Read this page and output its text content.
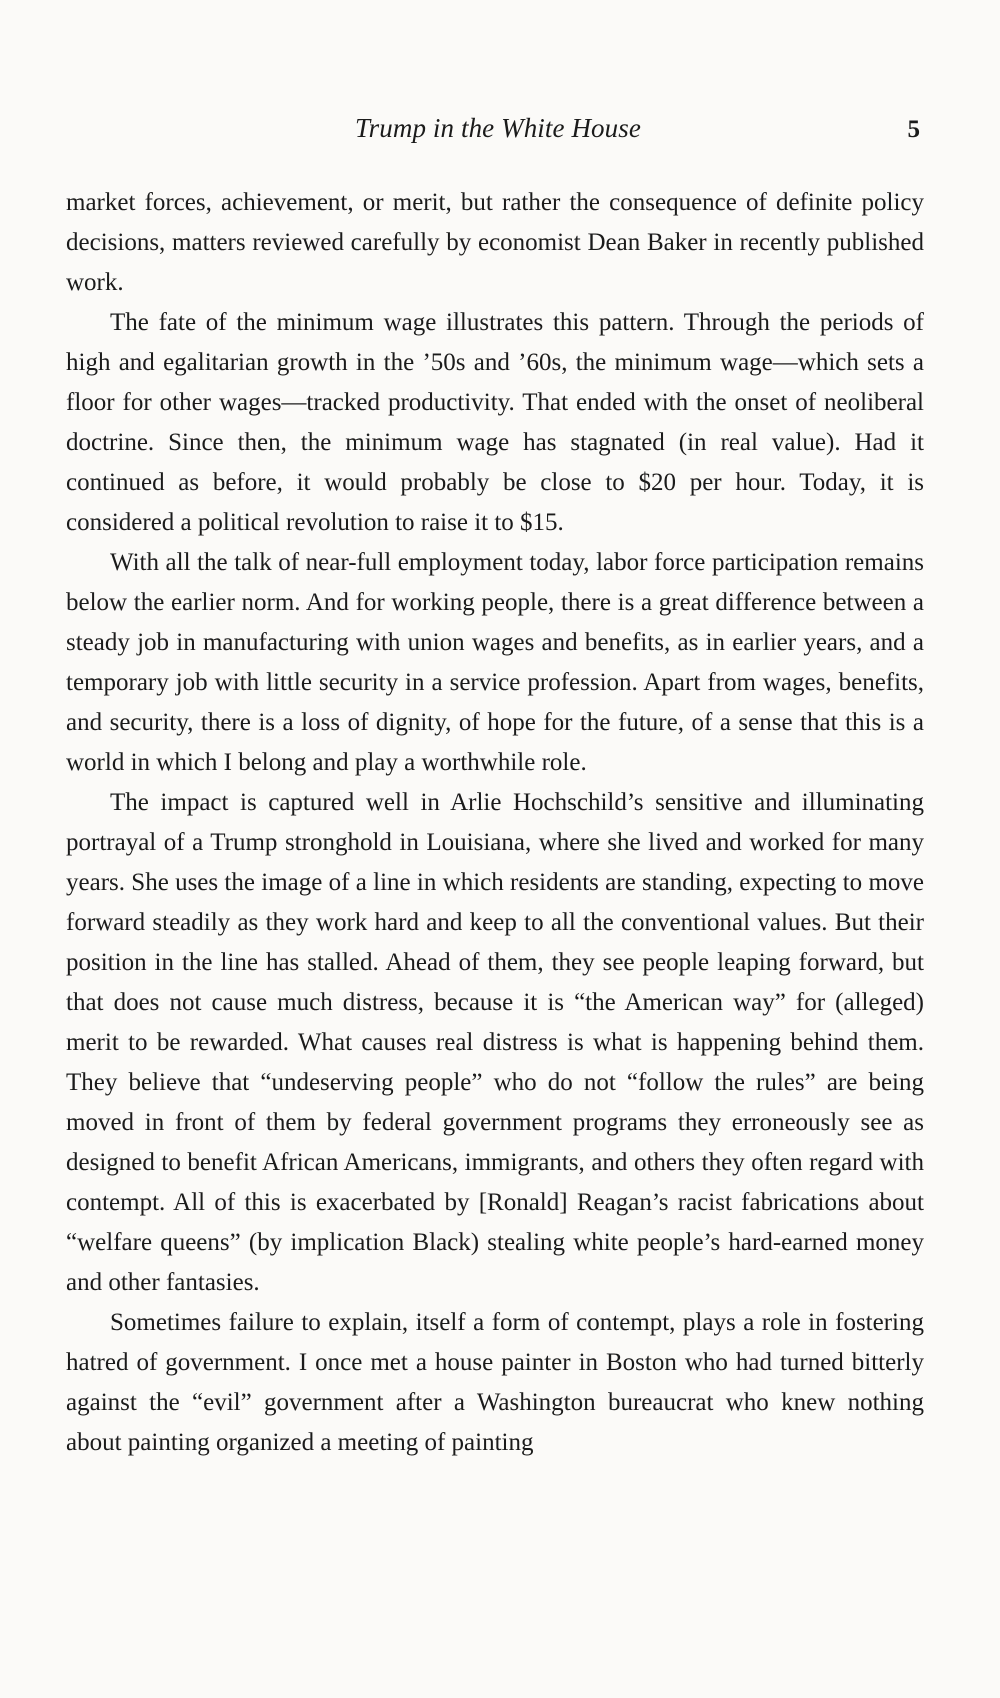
Trump in the White House	5

market forces, achievement, or merit, but rather the consequence of definite policy decisions, matters reviewed carefully by economist Dean Baker in recently published work.

The fate of the minimum wage illustrates this pattern. Through the periods of high and egalitarian growth in the ’50s and ’60s, the minimum wage—which sets a floor for other wages—tracked productivity. That ended with the onset of neoliberal doctrine. Since then, the minimum wage has stagnated (in real value). Had it continued as before, it would probably be close to $20 per hour. Today, it is considered a political revolution to raise it to $15.

With all the talk of near-full employment today, labor force participation remains below the earlier norm. And for working people, there is a great difference between a steady job in manufacturing with union wages and benefits, as in earlier years, and a temporary job with little security in a service profession. Apart from wages, benefits, and security, there is a loss of dignity, of hope for the future, of a sense that this is a world in which I belong and play a worthwhile role.

The impact is captured well in Arlie Hochschild’s sensitive and illuminating portrayal of a Trump stronghold in Louisiana, where she lived and worked for many years. She uses the image of a line in which residents are standing, expecting to move forward steadily as they work hard and keep to all the conventional values. But their position in the line has stalled. Ahead of them, they see people leaping forward, but that does not cause much distress, because it is “the American way” for (alleged) merit to be rewarded. What causes real distress is what is happening behind them. They believe that “undeserving people” who do not “follow the rules” are being moved in front of them by federal government programs they erroneously see as designed to benefit African Americans, immigrants, and others they often regard with contempt. All of this is exacerbated by [Ronald] Reagan’s racist fabrications about “welfare queens” (by implication Black) stealing white people’s hard-earned money and other fantasies.

Sometimes failure to explain, itself a form of contempt, plays a role in fostering hatred of government. I once met a house painter in Boston who had turned bitterly against the “evil” government after a Washington bureaucrat who knew nothing about painting organized a meeting of painting
